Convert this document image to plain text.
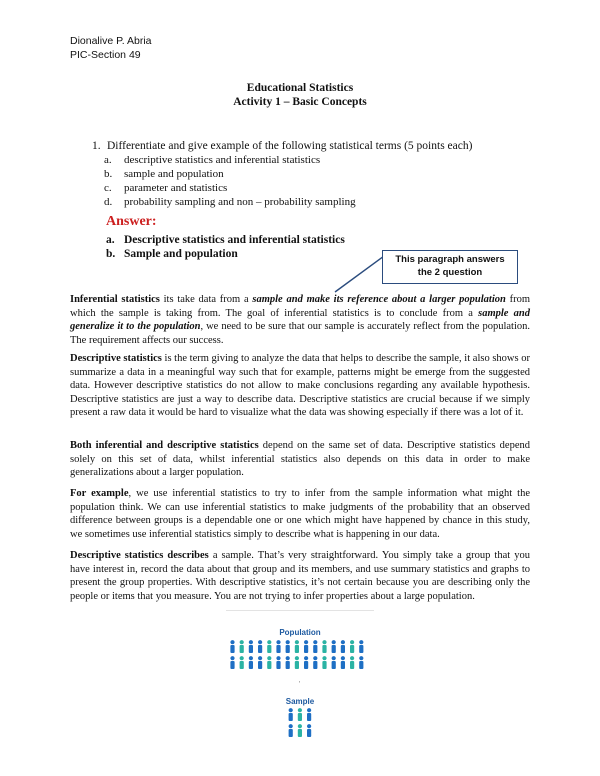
Dionalive P. Abria
PIC-Section 49
Educational Statistics
Activity 1 – Basic Concepts
1. Differentiate and give example of the following statistical terms (5 points each)
a. descriptive statistics and inferential statistics
b. sample and population
c. parameter and statistics
d. probability sampling and non – probability sampling
Answer:
a. Descriptive statistics and inferential statistics
b. Sample and population	This paragraph answers
the 2 question
Inferential statistics its take data from a sample and make its reference about a larger population from which the sample is taking from. The goal of inferential statistics is to conclude from a sample and generalize it to the population, we need to be sure that our sample is accurately reflect from the population. The requirement affects our success.
Descriptive statistics is the term giving to analyze the data that helps to describe the sample, it also shows or summarize a data in a meaningful way such that for example, patterns might be emerge from the suggested data. However descriptive statistics do not allow to make conclusions regarding any available hypothesis. Descriptive statistics are just a way to describe data. Descriptive statistics are crucial because if we simply present a raw data it would be hard to visualize what the data was showing especially if there was a lot of it.
Both inferential and descriptive statistics depend on the same set of data. Descriptive statistics depend solely on this set of data, whilst inferential statistics also depends on this data in order to make generalizations about a larger population.
For example, we use inferential statistics to try to infer from the sample information what might the population think. We can use inferential statistics to make judgments of the probability that an observed difference between groups is a dependable one or one which might have happened by chance in this study, we sometimes use inferential statistics simply to describe what is happening in our data.
Descriptive statistics describes a sample. That’s very straightforward. You simply take a group that you have interest in, record the data about that group and its members, and use summary statistics and graphs to present the group properties. With descriptive statistics, it’s not certain because you are describing only the people or items that you measure. You are not trying to infer properties about a large population.
Population
ˈ
Sample
